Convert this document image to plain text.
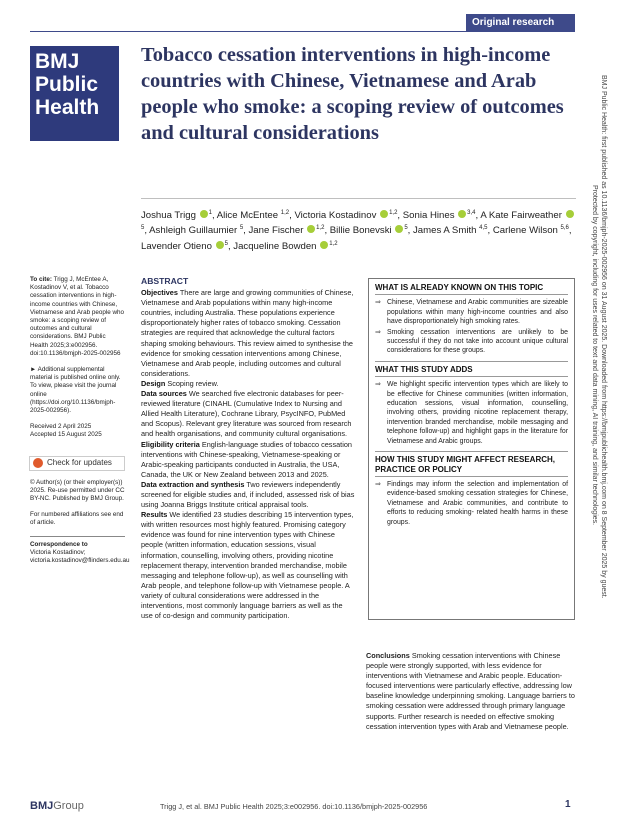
Original research
BMJ
Public
Health
Tobacco cessation interventions in high-income countries with Chinese, Vietnamese and Arab people who smoke: a scoping review of outcomes and cultural considerations
Joshua Trigg $^1$, Alice McEntee $^{1,2}$, Victoria Kostadinov $^{1,2}$, Sonia Hines $^{3,4}$, A Kate Fairweather $^5$, Ashleigh Guillaumier $^5$, Jane Fischer $^{1,2}$, Billie Bonevski $^5$, James A Smith $^{4,5}$, Carlene Wilson $^{5,6}$, Lavender Otieno $^5$, Jacqueline Bowden $^{1,2}$	BMJ Public Health: first published as 10.1136/bmjph-2025-002956 on 31 August 2025. Downloaded from https://bmjpublichealth.bmj.com on 8 September 2025 by guest.
Protected by copyright, including for uses related to text and data mining, AI training, and similar technologies.

To cite: Trigg J, McEntee A, Kostadinov V, et al. Tobacco cessation interventions in high-income countries with Chinese, Vietnamese and Arab people who smoke: a scoping review of outcomes and cultural considerations. BMJ Public Health 2025;3:e002956. doi:10.1136/bmjph-2025-002956

► Additional supplemental material is published online only. To view, please visit the journal online (https://doi.org/10.1136/bmjph-2025-002956).

Received 2 April 2025
Accepted 15 August 2025
Check for updates

© Author(s) (or their employer(s)) 2025. Re-use permitted under CC BY-NC. Published by BMJ Group.

For numbered affiliations see end of article.

Correspondence to
Victoria Kostadinov;
victoria.kostadinov@flinders.edu.au
ABSTRACT
Objectives There are large and growing communities of Chinese, Vietnamese and Arab populations within many high-income countries, including Australia. These populations experience disproportionately higher rates of tobacco smoking. Cessation strategies are required that acknowledge the cultural factors shaping smoking behaviours. This review aimed to synthesise the evidence for smoking cessation interventions among Chinese, Vietnamese and Arab people, including outcomes and cultural considerations.
Design Scoping review.
Data sources We searched five electronic databases for peer-reviewed literature (CINAHL (Cumulative Index to Nursing and Allied Health Literature), Cochrane Library, PsycINFO, PubMed and Scopus). Relevant grey literature was sourced from research and health organisations, and community cultural organisations.
Eligibility criteria English-language studies of tobacco cessation interventions with Chinese-speaking, Vietnamese-speaking or Arabic-speaking participants conducted in Australia, the USA, Canada, the UK or New Zealand between 2013 and 2025.
Data extraction and synthesis Two reviewers independently screened for eligible studies and, if included, assessed risk of bias using Joanna Briggs Institute critical appraisal tools.
Results We identified 23 studies describing 15 intervention types, with written resources most highly featured. Promising category evidence was found for nine intervention types with Chinese people (written information, education sessions, visual information, counselling, involving others, providing nicotine replacement therapy, intervention branded merchandise, mobile messaging and telephone follow-up), as well as counselling with Arab people, and telephone follow-up with Vietnamese people. A variety of cultural considerations were addressed in the interventions, most commonly language barriers as well as the use of co-design and community participation.
WHAT IS ALREADY KNOWN ON THIS TOPIC
⇒ Chinese, Vietnamese and Arabic communities are sizeable populations within many high-income countries and also have disproportionately high smoking rates.
⇒ Smoking cessation interventions are unlikely to be successful if they do not take into account unique cultural considerations for these groups.
WHAT THIS STUDY ADDS
⇒ We highlight specific intervention types which are likely to be effective for Chinese communities (written information, education sessions, visual information, counselling, involving others, providing nicotine replacement therapy, intervention branded merchandise, mobile messaging and telephone follow-up) and highlight gaps in the literature for Vietnamese and Arabic groups.
HOW THIS STUDY MIGHT AFFECT RESEARCH, PRACTICE OR POLICY
⇒ Findings may inform the selection and implementation of evidence-based smoking cessation strategies for Chinese, Vietnamese and Arabic communities, and contribute to efforts to reducing smoking- related health harms in these groups.
Conclusions Smoking cessation interventions with Chinese people were strongly supported, with less evidence for interventions with Vietnamese and Arabic people. Education-focused interventions were particularly effective, addressing low baseline knowledge underpinning smoking. Language barriers to smoking cessation were addressed through primary language supports. Further research is needed on effective smoking cessation intervention types with Arab and Vietnamese people.
BMJGroup	Trigg J, et al. BMJ Public Health 2025;3:e002956. doi:10.1136/bmjph-2025-002956	1
